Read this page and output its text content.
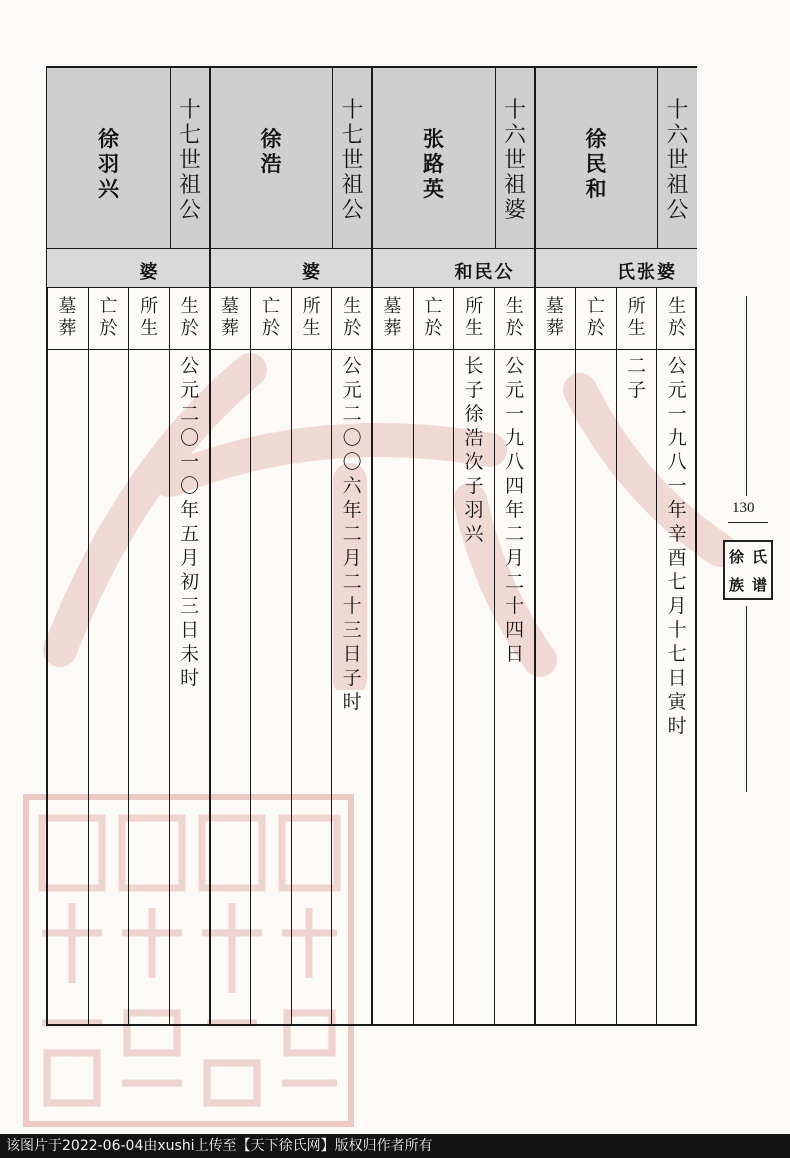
十
六
世
祖
公
徐
民
和
氏张婆
生
於
公
元
一
九
八
一
年
辛
酉
七
月
十
七
日
寅
时
所
生
二
子
亡
於
墓
葬
十
六
世
祖
婆
张
路
英
和民公
生
於
公
元
一
九
八
四
年
二
月
二
十
四
日
所
生
长
子
徐
浩
次
子
羽
兴
亡
於
墓
葬
十
七
世
祖
公
徐
浩
婆
生
於
公
元
二
〇
〇
六
年
二
月
二
十
三
日
子
时
所
生
亡
於
墓
葬
十
七
世
祖
公
徐
羽
兴
婆
生
於
公
元
二
〇
一
〇
年
五
月
初
三
日
未
时
所
生
亡
於
墓
葬
130
徐 氏
族 谱
该图片于2022-06-04由xushi上传至【天下徐氏网】版权归作者所有
